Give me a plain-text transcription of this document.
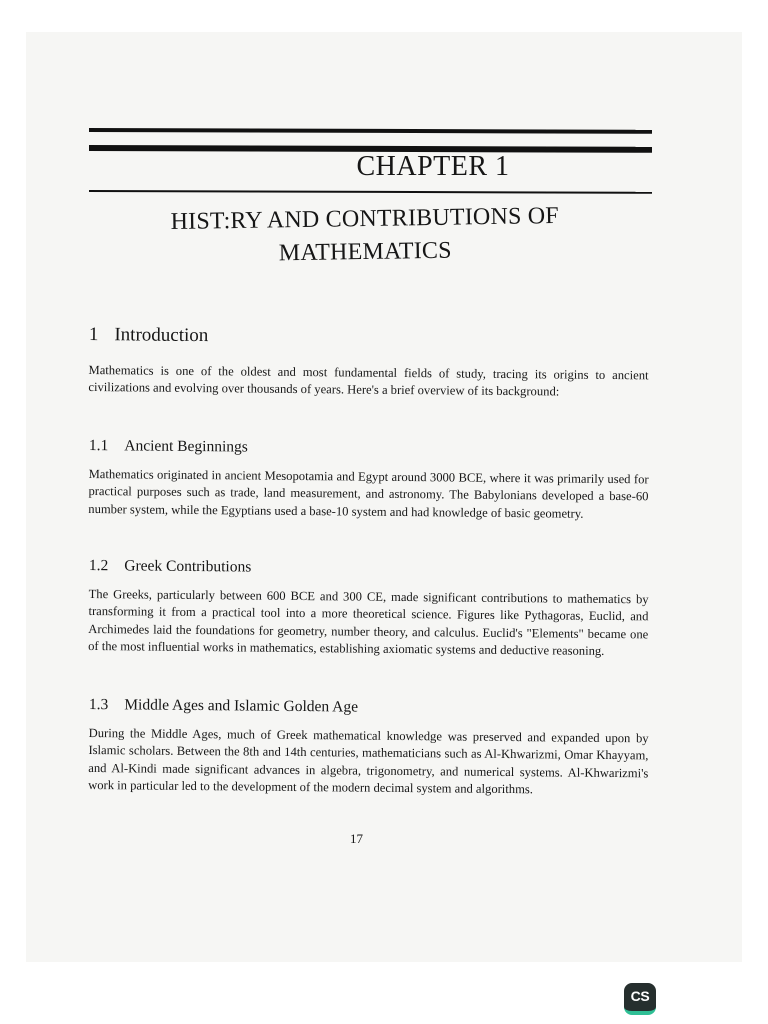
CHAPTER 1
HIST:RY AND CONTRIBUTIONS OF
MATHEMATICS
1 Introduction

Mathematics is one of the oldest and most fundamental fields of study, tracing its origins to ancient civilizations and evolving over thousands of years. Here's a brief overview of its background:

1.1 Ancient Beginnings

Mathematics originated in ancient Mesopotamia and Egypt around 3000 BCE, where it was primarily used for practical purposes such as trade, land measurement, and astronomy. The Babylonians developed a base-60 number system, while the Egyptians used a base-10 system and had knowledge of basic geometry.

1.2 Greek Contributions

The Greeks, particularly between 600 BCE and 300 CE, made significant contributions to mathematics by transforming it from a practical tool into a more theoretical science. Figures like Pythagoras, Euclid, and Archimedes laid the foundations for geometry, number theory, and calculus. Euclid's "Elements" became one of the most influential works in mathematics, establishing axiomatic systems and deductive reasoning.

1.3 Middle Ages and Islamic Golden Age

During the Middle Ages, much of Greek mathematical knowledge was preserved and expanded upon by Islamic scholars. Between the 8th and 14th centuries, mathematicians such as Al-Khwarizmi, Omar Khayyam, and Al-Kindi made significant advances in algebra, trigonometry, and numerical systems. Al-Khwarizmi's work in particular led to the development of the modern decimal system and algorithms.

17
CS
